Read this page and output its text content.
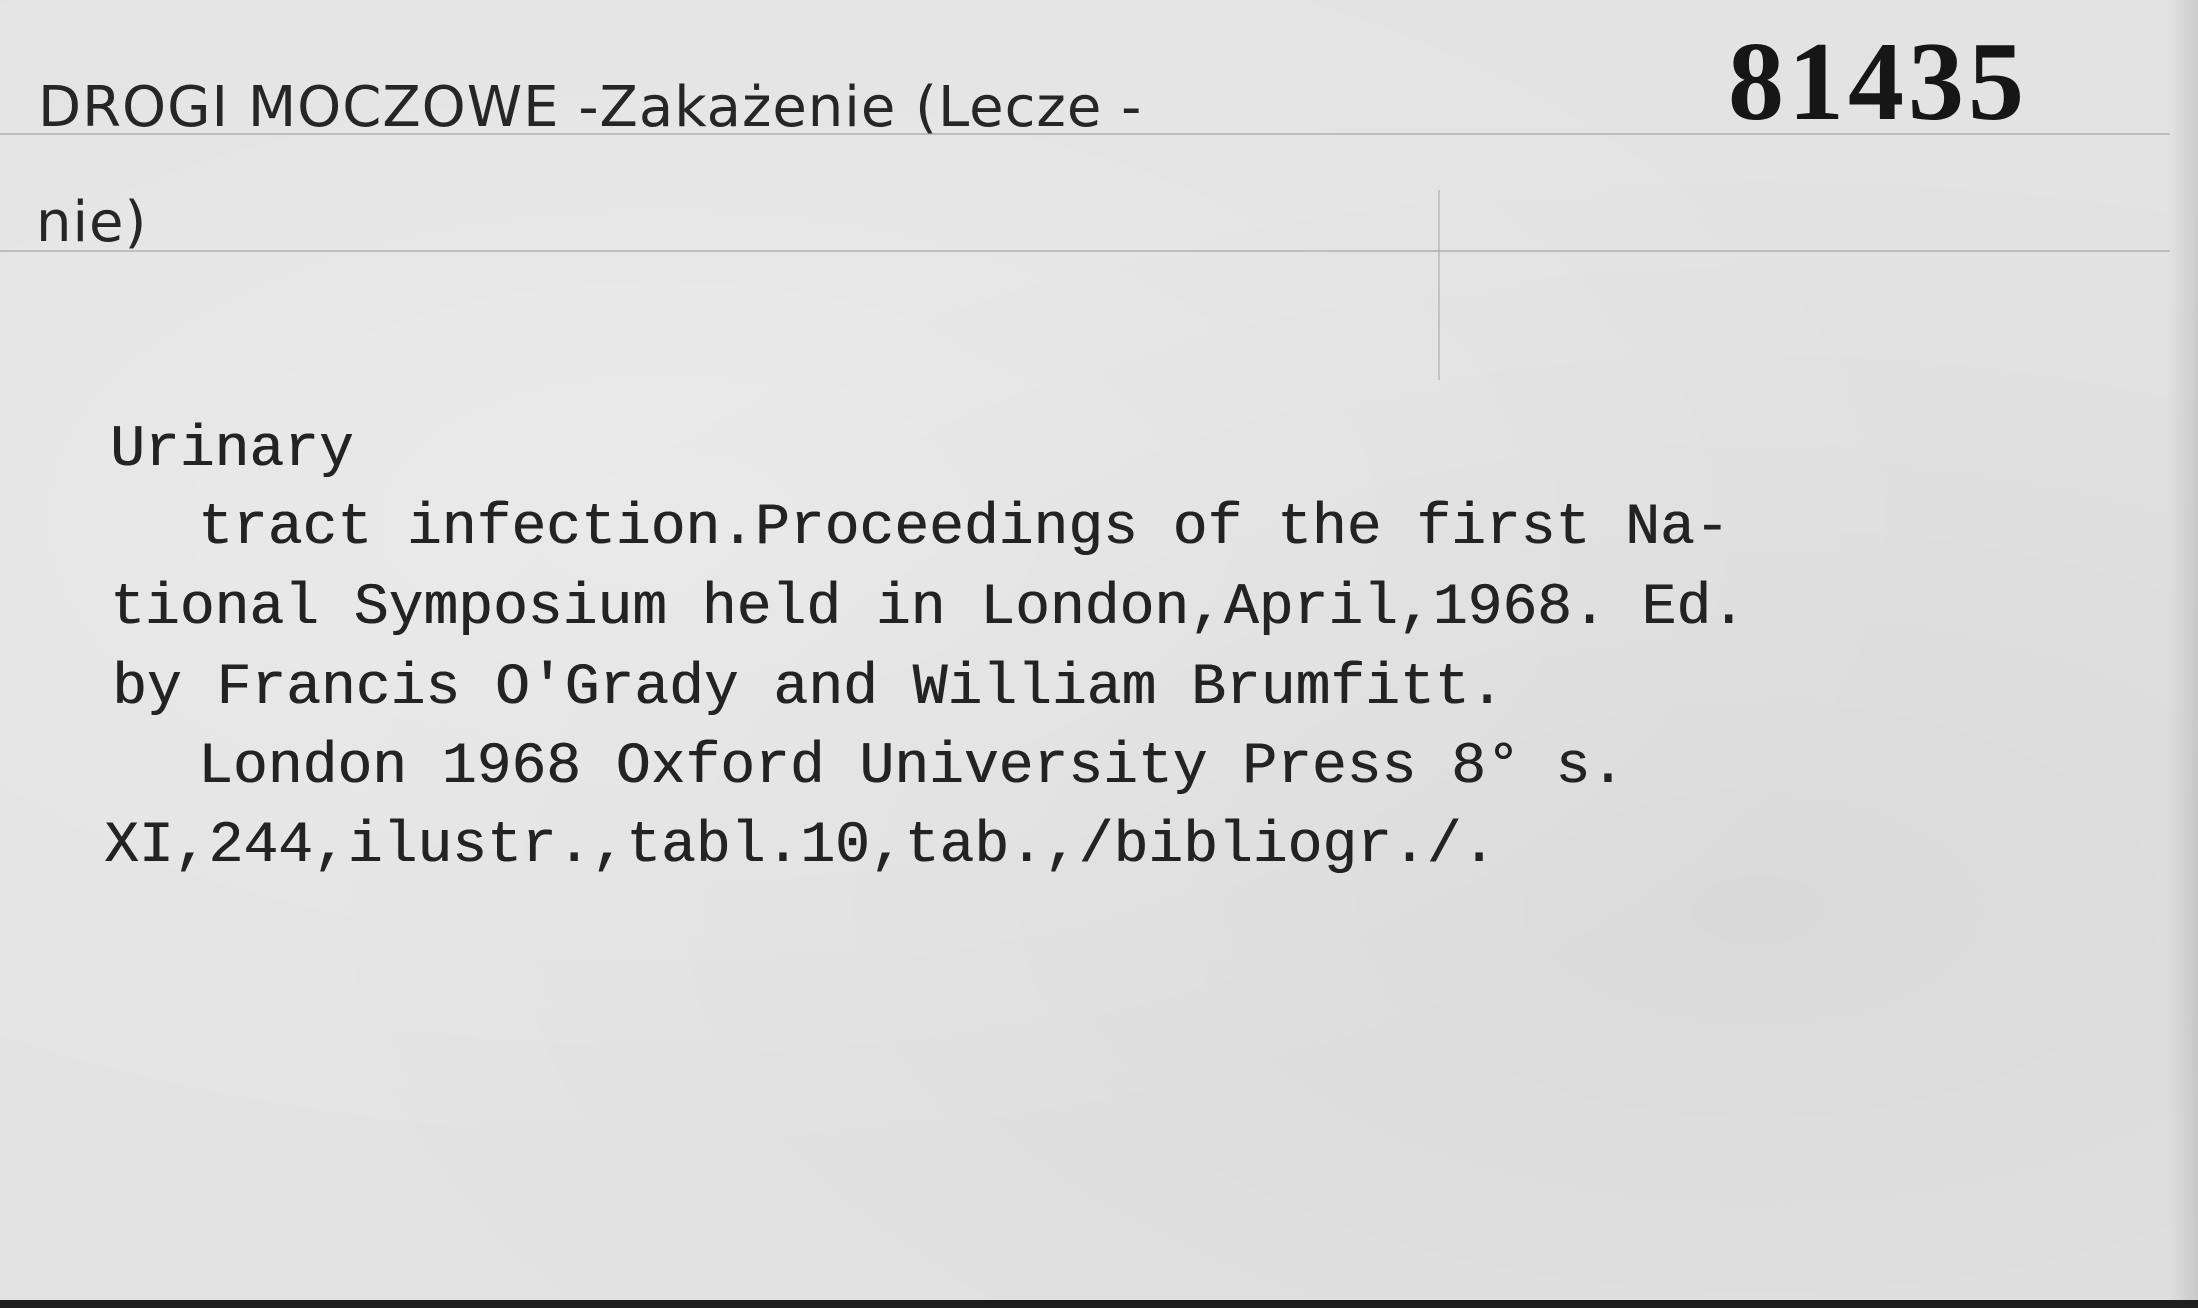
DROGI MOCZOWE -Zakażenie (Lecze -
nie)
81435
Urinary
tract infection.Proceedings of the first Na-
tional Symposium held in London,April,1968. Ed.
by Francis O'Grady and William Brumfitt.
London 1968 Oxford University Press 8° s.
XI,244,ilustr.,tabl.10,tab.,/bibliogr./.
